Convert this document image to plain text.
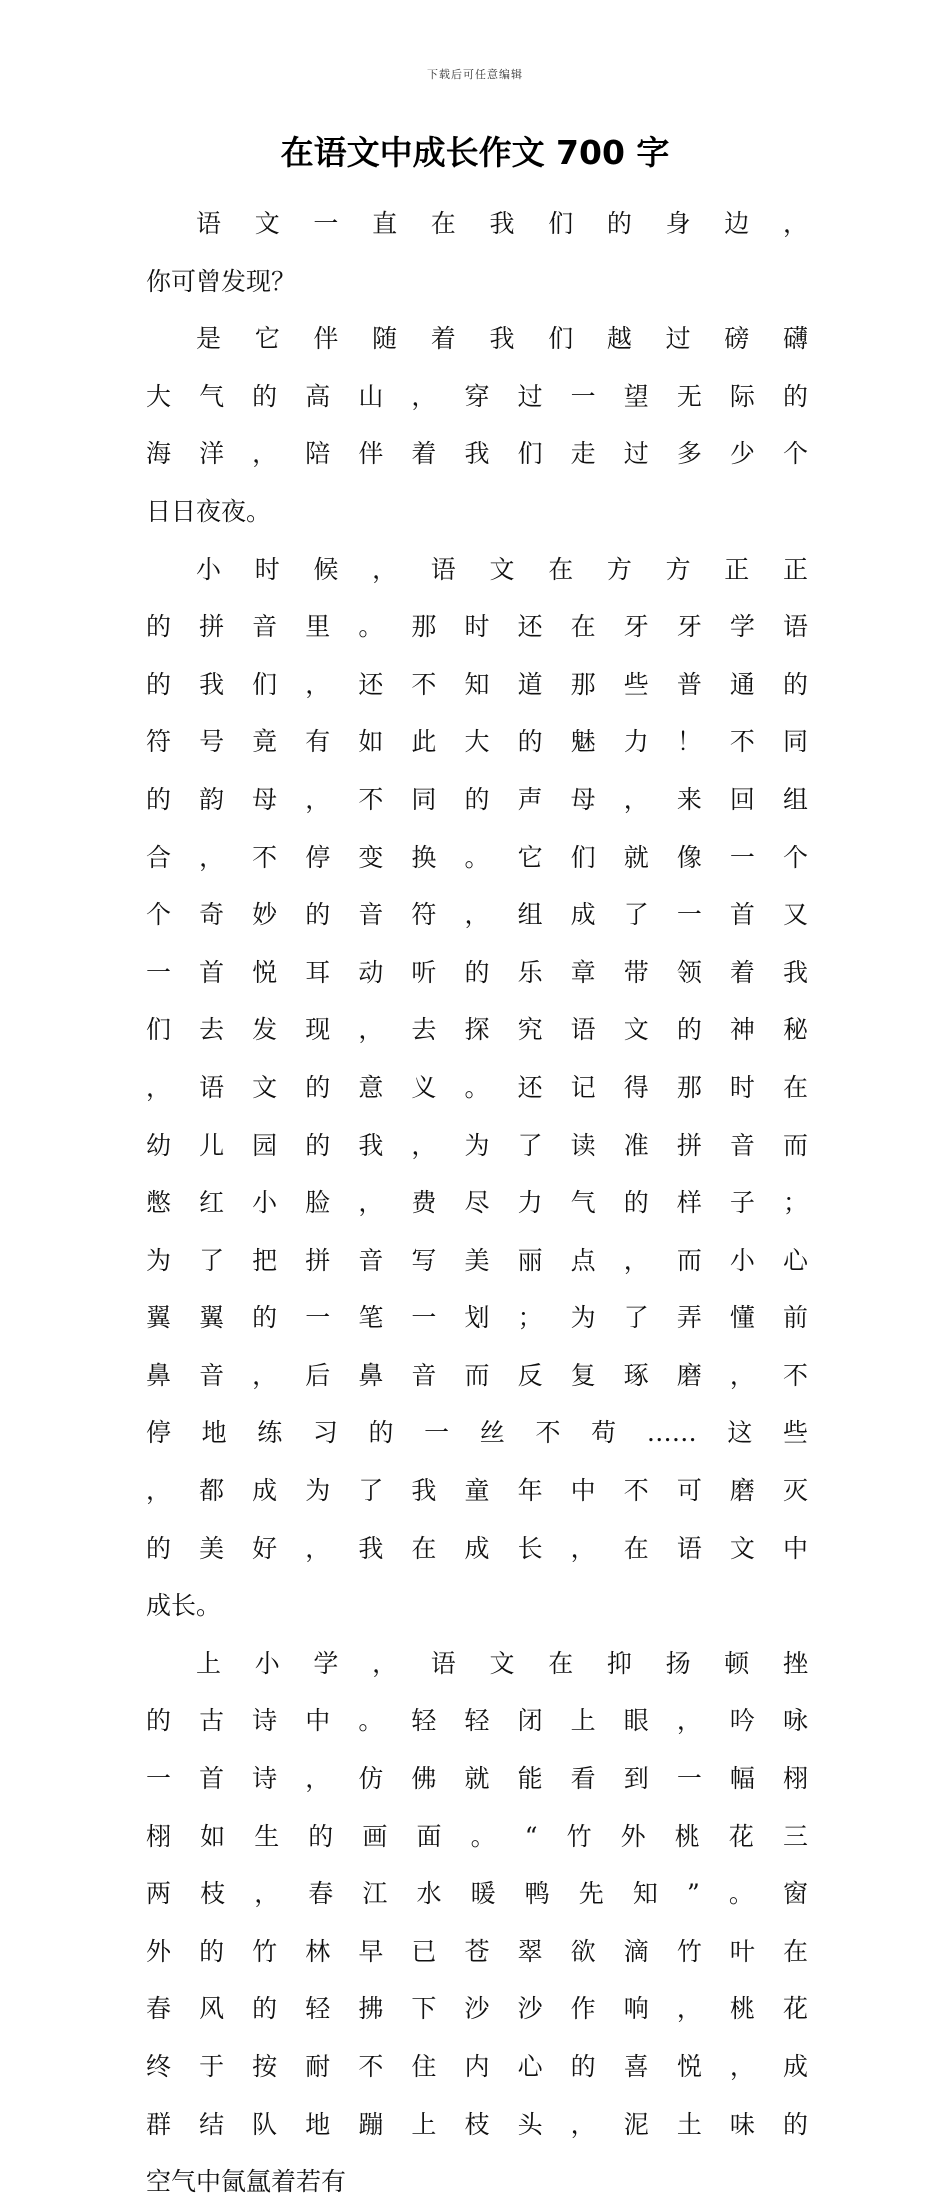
下载后可任意编辑
在语文中成长作文 700 字

语文一直在我们的身边，
你可曾发现？

是它伴随着我们越过磅礴
大气的高山，穿过一望无际的
海洋，陪伴着我们走过多少个
日日夜夜。

小时候，语文在方方正正
的拼音里。那时还在牙牙学语
的我们，还不知道那些普通的
符号竟有如此大的魅力！不同
的韵母，不同的声母，来回组
合，不停变换。它们就像一个
个奇妙的音符，组成了一首又
一首悦耳动听的乐章带领着我
们去发现，去探究语文的神秘
，语文的意义。还记得那时在
幼儿园的我，为了读准拼音而
憋红小脸，费尽力气的样子；
为了把拼音写美丽点，而小心
翼翼的一笔一划；为了弄懂前
鼻音，后鼻音而反复琢磨，不
停地练习的一丝不苟……这些
，都成为了我童年中不可磨灭
的美好，我在成长，在语文中
成长。

上小学，语文在抑扬顿挫
的古诗中。轻轻闭上眼，吟咏
一首诗，仿佛就能看到一幅栩
栩如生的画面。“竹外桃花三
两枝，春江水暖鸭先知”。窗
外的竹林早已苍翠欲滴竹叶在
春风的轻拂下沙沙作响，桃花
终于按耐不住内心的喜悦，成
群结队地蹦上枝头，泥土味的
空气中氤氲着若有
